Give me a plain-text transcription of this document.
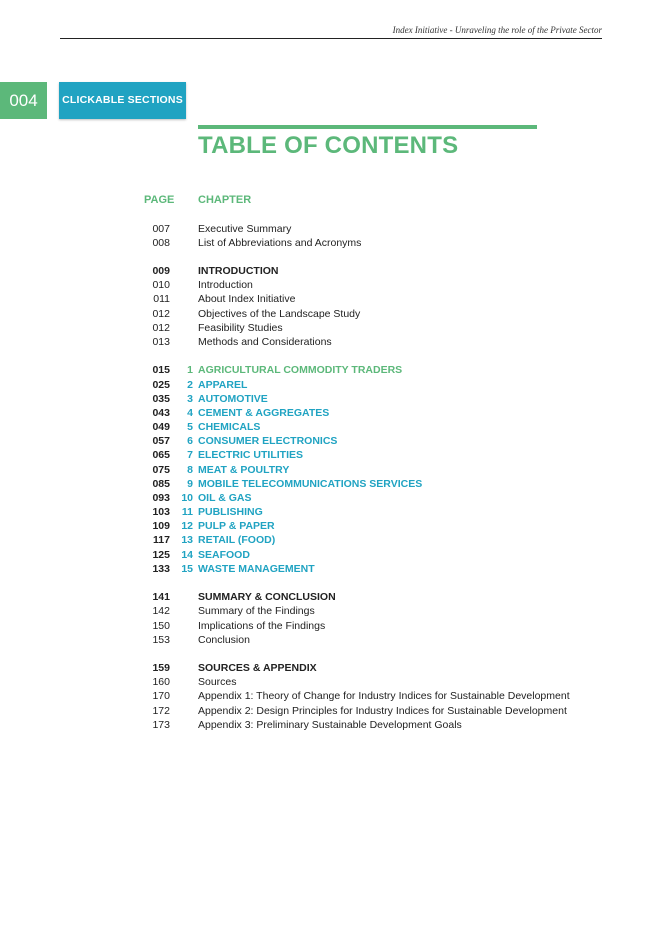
Index Initiative - Unraveling the role of the Private Sector
004	CLICKABLE SECTIONS
TABLE OF CONTENTS
PAGE CHAPTER
007	Executive Summary
008	List of Abbreviations and Acronyms
009	INTRODUCTION
010	Introduction
011	About Index Initiative
012	Objectives of the Landscape Study
012	Feasibility Studies
013	Methods and Considerations
015	1 AGRICULTURAL COMMODITY TRADERS
025	2 APPAREL
035	3 AUTOMOTIVE
043	4 CEMENT & AGGREGATES
049	5 CHEMICALS
057	6 CONSUMER ELECTRONICS
065	7 ELECTRIC UTILITIES
075	8 MEAT & POULTRY
085	9 MOBILE TELECOMMUNICATIONS SERVICES
093	10 OIL & GAS
103	11 PUBLISHING
109	12 PULP & PAPER
117	13 RETAIL (FOOD)
125	14 SEAFOOD
133	15 WASTE MANAGEMENT
141	SUMMARY & CONCLUSION
142	Summary of the Findings
150	Implications of the Findings
153	Conclusion
159	SOURCES & APPENDIX
160	Sources
170	Appendix 1: Theory of Change for Industry Indices for Sustainable Development
172	Appendix 2: Design Principles for Industry Indices for Sustainable Development
173	Appendix 3: Preliminary Sustainable Development Goals
